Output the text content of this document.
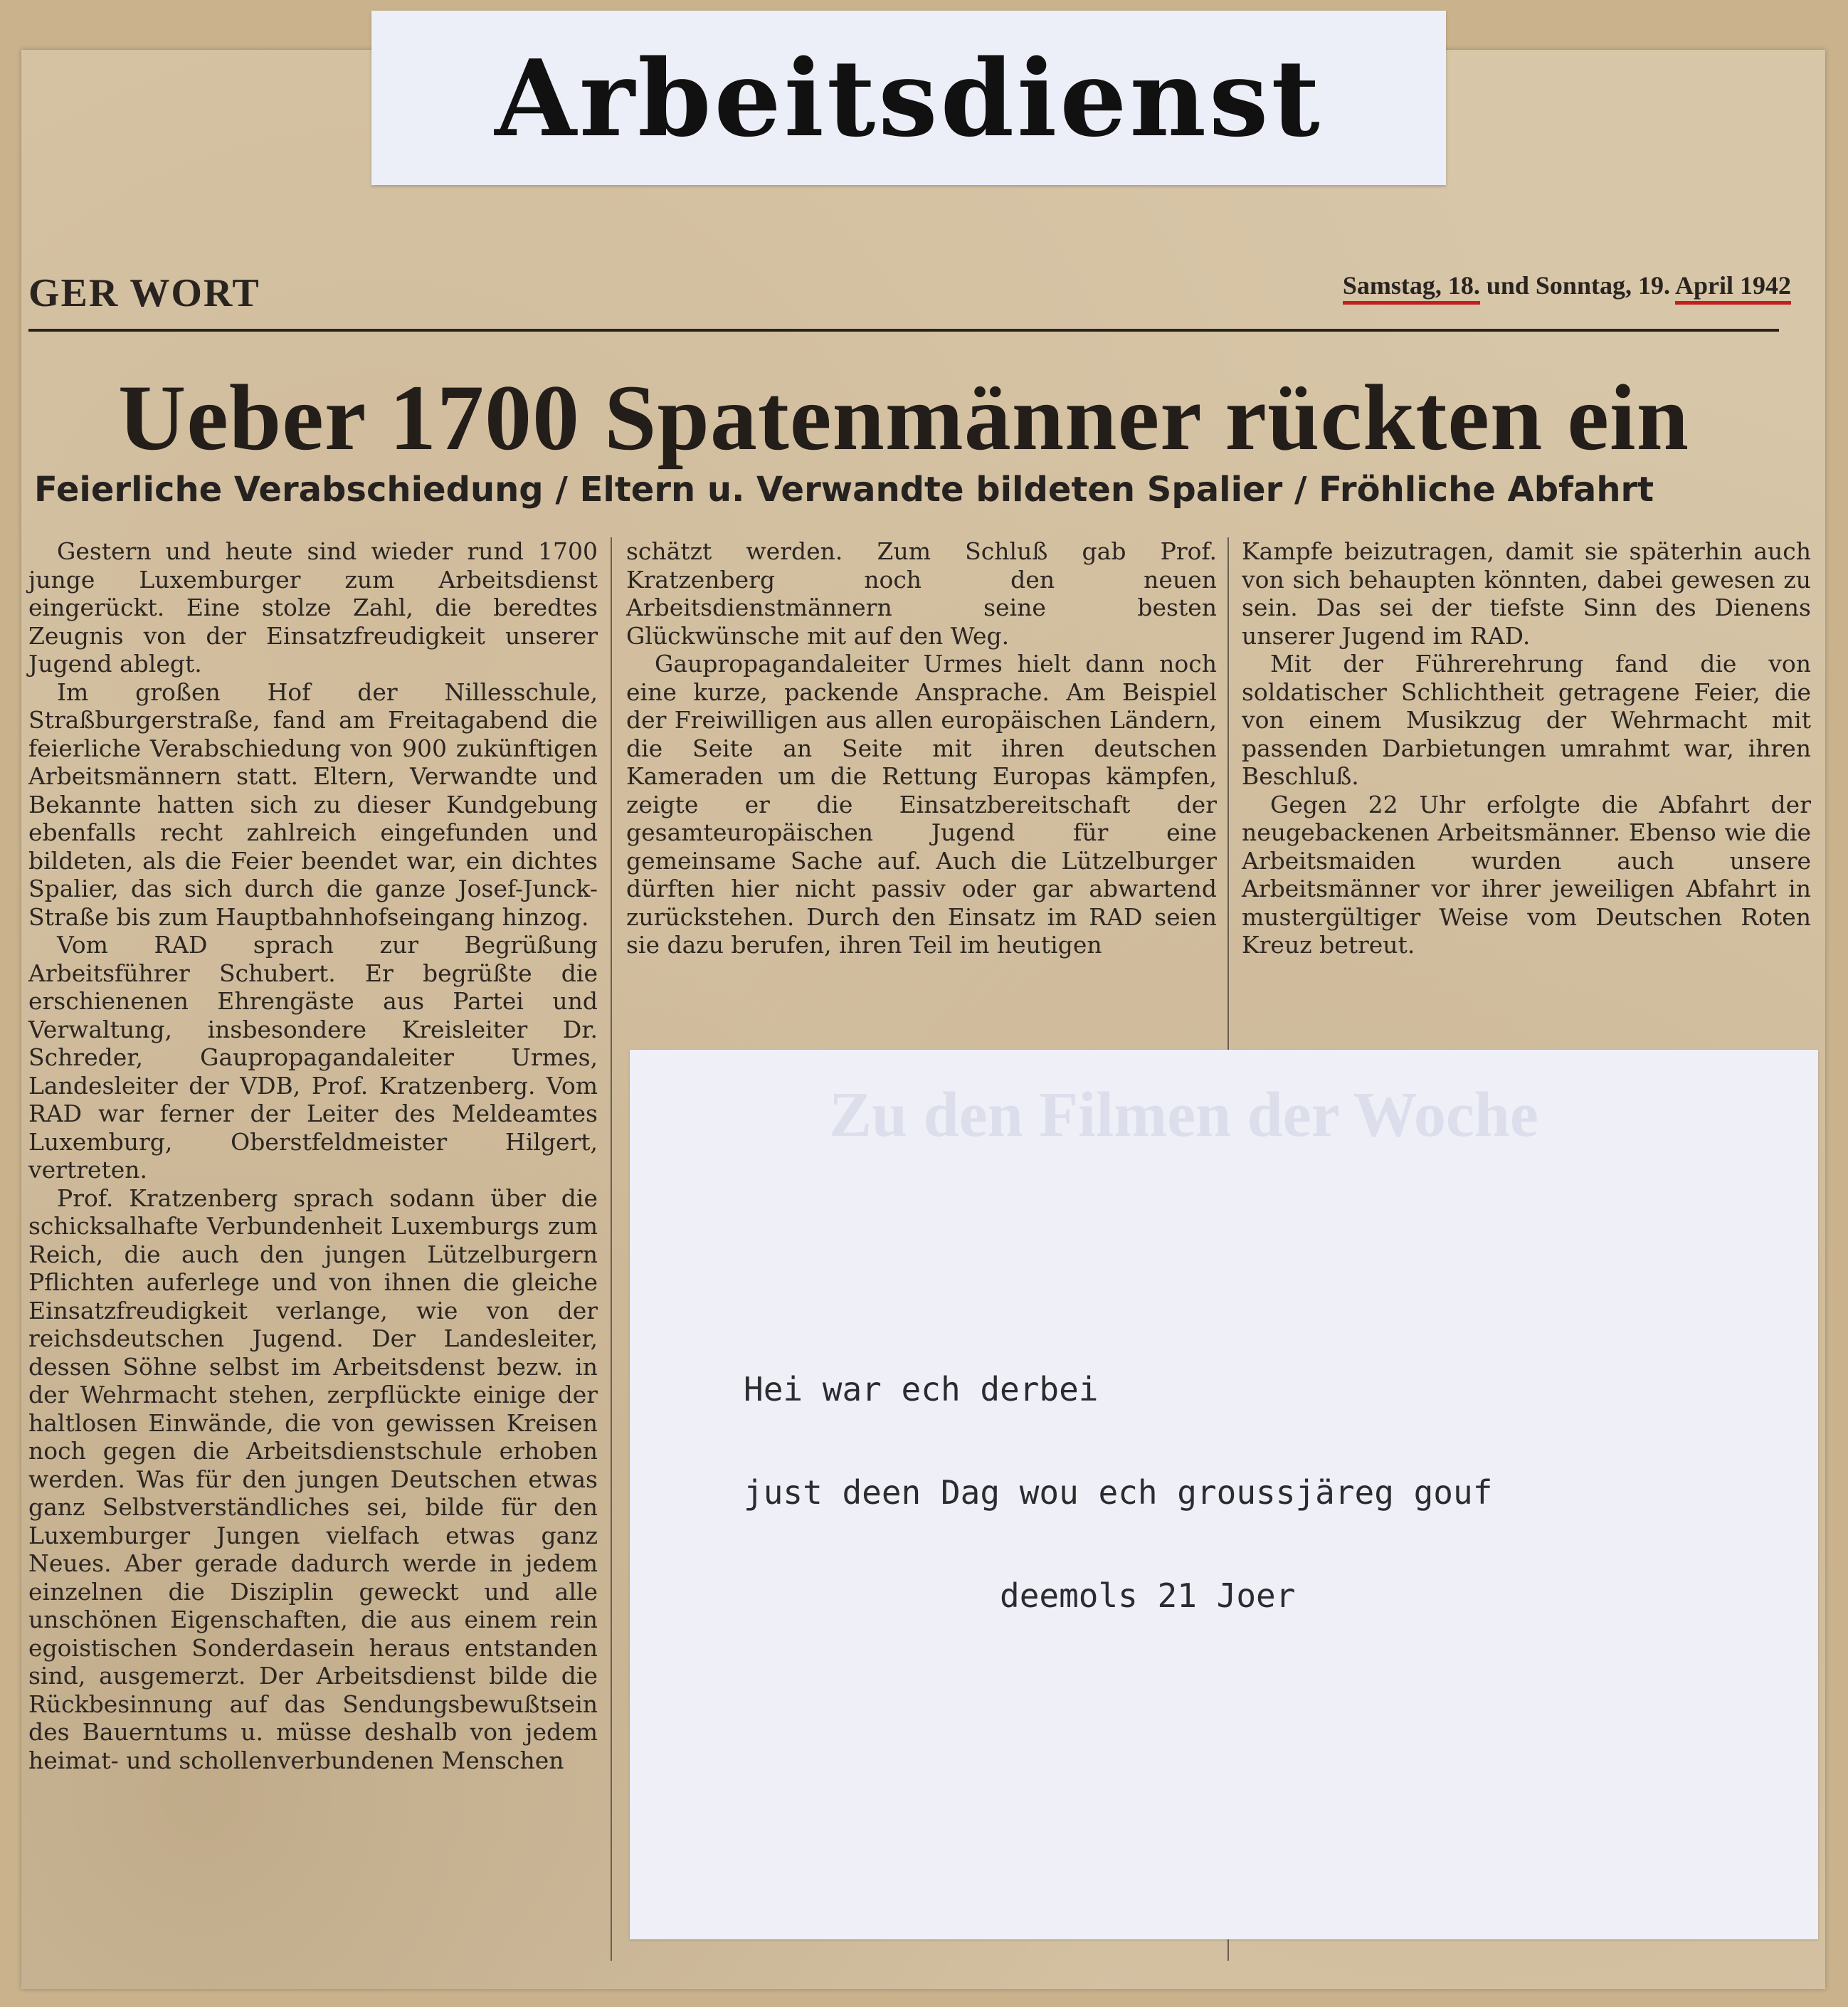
Arbeitsdienst
GER WORT	Samstag, 18. und Sonntag, 19. April 1942
Ueber 1700 Spatenmänner rückten ein
Feierliche Verabschiedung / Eltern u. Verwandte bildeten Spalier / Fröhliche Abfahrt

Gestern und heute sind wieder rund 1700 junge Luxemburger zum Arbeitsdienst eingerückt. Eine stolze Zahl, die beredtes Zeugnis von der Einsatzfreudigkeit unserer Jugend ablegt.

Im großen Hof der Nillesschule, Straßburgerstraße, fand am Freitagabend die feierliche Verabschiedung von 900 zukünftigen Arbeitsmännern statt. Eltern, Verwandte und Bekannte hatten sich zu dieser Kundgebung ebenfalls recht zahlreich eingefunden und bildeten, als die Feier beendet war, ein dichtes Spalier, das sich durch die ganze Josef-Junck-Straße bis zum Hauptbahnhofseingang hinzog.

Vom RAD sprach zur Begrüßung Arbeitsführer Schubert. Er begrüßte die erschienenen Ehrengäste aus Partei und Verwaltung, insbesondere Kreisleiter Dr. Schreder, Gaupropagandaleiter Urmes, Landesleiter der VDB, Prof. Kratzenberg. Vom RAD war ferner der Leiter des Meldeamtes Luxemburg, Oberstfeldmeister Hilgert, vertreten.

Prof. Kratzenberg sprach sodann über die schicksalhafte Verbundenheit Luxemburgs zum Reich, die auch den jungen Lützelburgern Pflichten auferlege und von ihnen die gleiche Einsatzfreudigkeit verlange, wie von der reichsdeutschen Jugend. Der Landesleiter, dessen Söhne selbst im Arbeitsdenst bezw. in der Wehrmacht stehen, zerpflückte einige der haltlosen Einwände, die von gewissen Kreisen noch gegen die Arbeitsdienstschule erhoben werden. Was für den jungen Deutschen etwas ganz Selbstverständliches sei, bilde für den Luxemburger Jungen vielfach etwas ganz Neues. Aber gerade dadurch werde in jedem einzelnen die Disziplin geweckt und alle unschönen Eigenschaften, die aus einem rein egoistischen Sonderdasein heraus entstanden sind, ausgemerzt. Der Arbeitsdienst bilde die Rückbesinnung auf das Sendungsbewußtsein des Bauerntums u. müsse deshalb von jedem heimat- und schollenverbundenen Menschen

schätzt werden. Zum Schluß gab Prof. Kratzenberg noch den neuen Arbeitsdienstmännern seine besten Glückwünsche mit auf den Weg.

Gaupropagandaleiter Urmes hielt dann noch eine kurze, packende Ansprache. Am Beispiel der Freiwilligen aus allen europäischen Ländern, die Seite an Seite mit ihren deutschen Kameraden um die Rettung Europas kämpfen, zeigte er die Einsatzbereitschaft der gesamteuropäischen Jugend für eine gemeinsame Sache auf. Auch die Lützelburger dürften hier nicht passiv oder gar abwartend zurückstehen. Durch den Einsatz im RAD seien sie dazu berufen, ihren Teil im heutigen

Kampfe beizutragen, damit sie späterhin auch von sich behaupten könnten, dabei gewesen zu sein. Das sei der tiefste Sinn des Dienens unserer Jugend im RAD.

Mit der Führerehrung fand die von soldatischer Schlichtheit getragene Feier, die von einem Musikzug der Wehrmacht mit passenden Darbietungen umrahmt war, ihren Beschluß.

Gegen 22 Uhr erfolgte die Abfahrt der neugebackenen Arbeitsmänner. Ebenso wie die Arbeitsmaiden wurden auch unsere Arbeitsmänner vor ihrer jeweiligen Abfahrt in mustergültiger Weise vom Deutschen Roten Kreuz betreut.

Zu den Filmen der Woche
Hei war ech derbei
just deen Dag wou ech groussjäreg gouf
deemols 21 Joer
